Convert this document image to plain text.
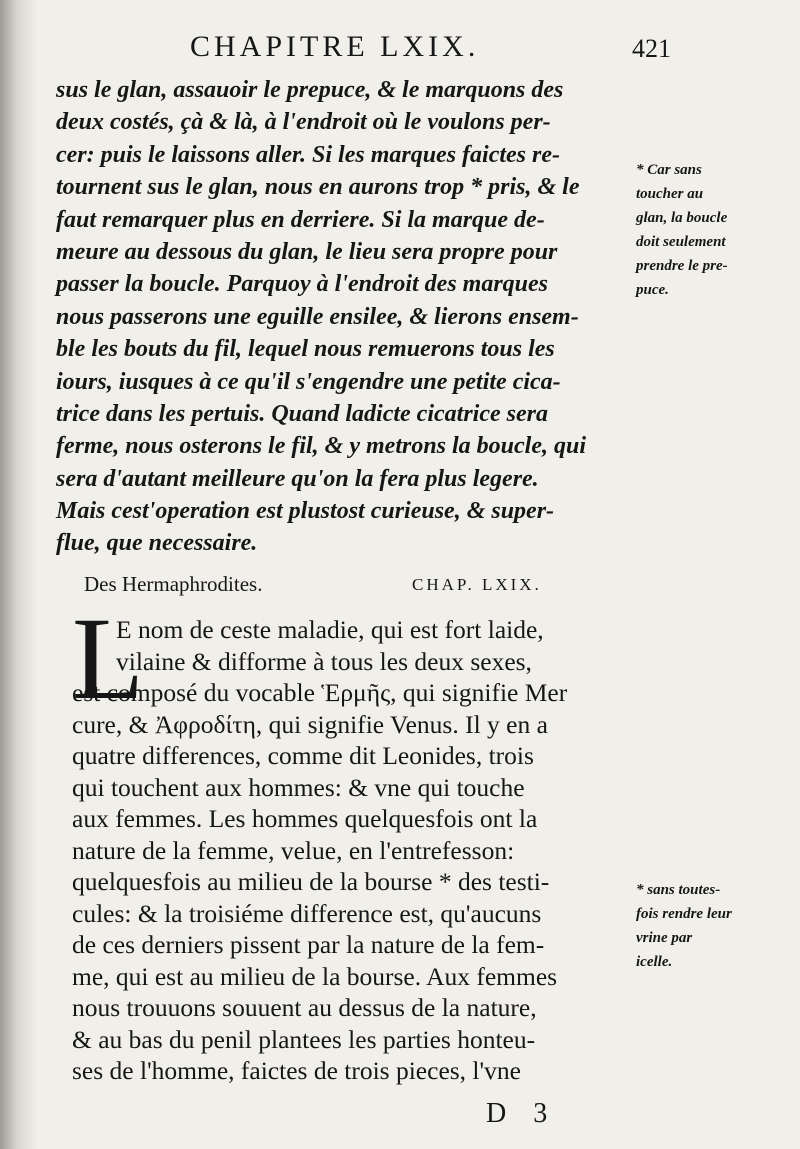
CHAPITRE LXIX.	421
sus le glan, assauoir le prepuce, & le marquons des
deux costés, çà & là, à l'endroit où le voulons per-
cer: puis le laissons aller. Si les marques faictes re-
tournent sus le glan, nous en aurons trop * pris, & le
faut remarquer plus en derriere. Si la marque de-
meure au dessous du glan, le lieu sera propre pour
passer la boucle. Parquoy à l'endroit des marques
nous passerons une eguille ensilee, & lierons ensem-
ble les bouts du fil, lequel nous remuerons tous les
iours, iusques à ce qu'il s'engendre une petite cica-
trice dans les pertuis. Quand ladicte cicatrice sera
ferme, nous osterons le fil, & y metrons la boucle, qui
sera d'autant meilleure qu'on la fera plus legere.
Mais cest'operation est plustost curieuse, & super-
flue, que necessaire.
* Car sans
toucher au
glan, la boucle
doit seulement
prendre le pre-
puce.
Des Hermaphrodites.	CHAP. LXIX.
L
E nom de ceste maladie, qui est fort laide,
vilaine & difforme à tous les deux sexes,
est composé du vocable Ἑρμῆς, qui signifie Mer
cure, & Ἀφροδίτη, qui signifie Venus. Il y en a
quatre differences, comme dit Leonides, trois
qui touchent aux hommes: & vne qui touche
aux femmes. Les hommes quelquesfois ont la
nature de la femme, velue, en l'entrefesson:
quelquesfois au milieu de la bourse * des testi-
cules: & la troisiéme difference est, qu'aucuns
de ces derniers pissent par la nature de la fem-
me, qui est au milieu de la bourse. Aux femmes
nous trouuons souuent au dessus de la nature,
& au bas du penil plantees les parties honteu-
ses de l'homme, faictes de trois pieces, l'vne
* sans toutes-
fois rendre leur
vrine par
icelle.
D 3
